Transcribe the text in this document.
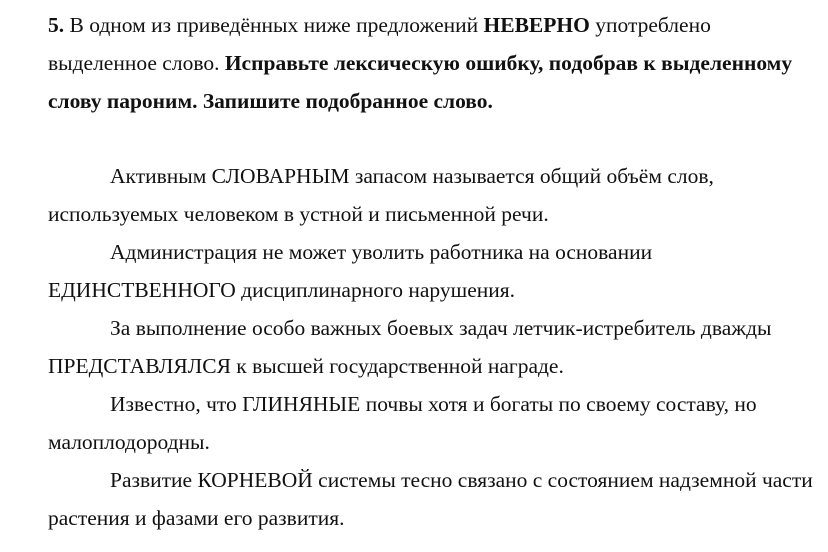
5. В одном из приведённых ниже предложений НЕВЕРНО употреблено выделенное слово. Исправьте лексическую ошибку, подобрав к выделенному слову пароним. Запишите подобранное слово.

Активным СЛОВАРНЫМ запасом называется общий объём слов, используемых человеком в устной и письменной речи.

Администрация не может уволить работника на основании ЕДИНСТВЕННОГО дисциплинарного нарушения.

За выполнение особо важных боевых задач летчик-истребитель дважды ПРЕДСТАВЛЯЛСЯ к высшей государственной награде.

Известно, что ГЛИНЯНЫЕ почвы хотя и богаты по своему составу, но малоплодородны.

Развитие КОРНЕВОЙ системы тесно связано с состоянием надземной части растения и фазами его развития.
